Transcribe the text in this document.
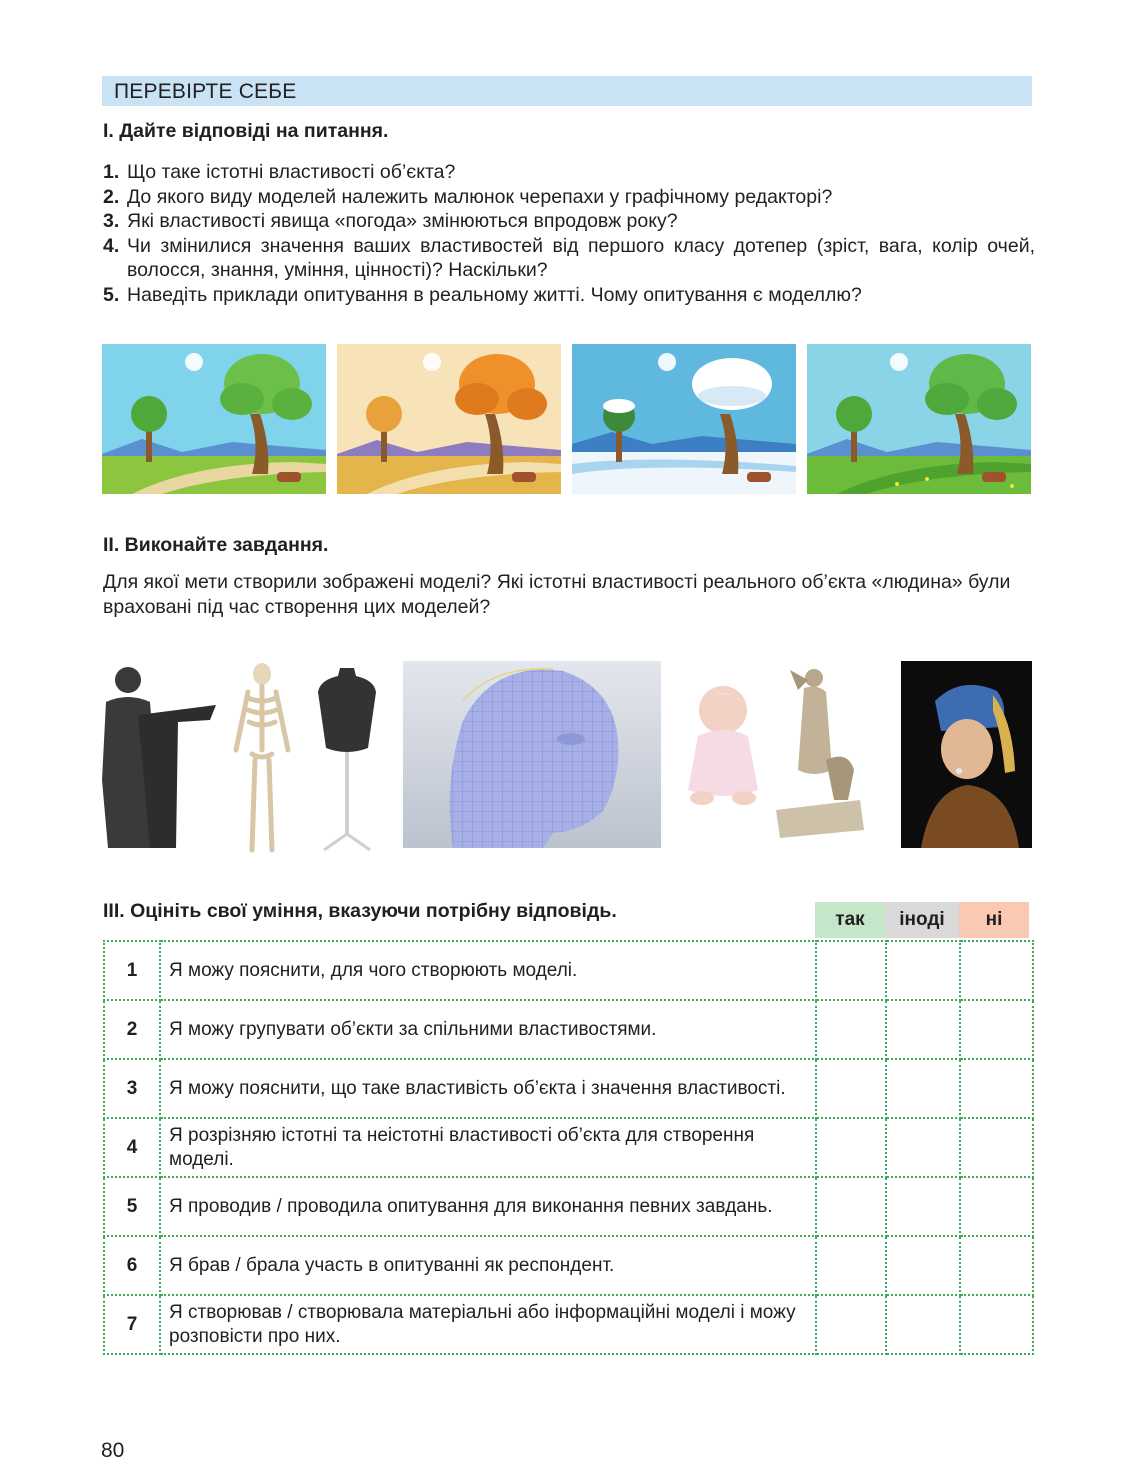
ПЕРЕВІРТЕ СЕБЕ
І. Дайте відповіді на питання.
1. Що таке істотні властивості об’єкта?
2. До якого виду моделей належить малюнок черепахи у графічному редакторі?
3. Які властивості явища «погода» змінюються впродовж року?
4. Чи змінилися значення ваших властивостей від першого класу дотепер (зріст, вага, колір очей, волосся, знання, уміння, цінності)? Наскільки?
5. Наведіть приклади опитування в реальному житті. Чому опитування є моделлю?
ІІ. Виконайте завдання.
Для якої мети створили зображені моделі? Які істотні властивості реального об’єкта «людина» були враховані під час створення цих моделей?
ІІІ. Оцініть свої уміння, вказуючи потрібну відповідь.	так	іноді	ні
1	Я можу пояснити, для чого створюють моделі.			
2	Я можу групувати об’єкти за спільними властивостями.			
3	Я можу пояснити, що таке властивість об’єкта і значення властивості.			
4	Я розрізняю істотні та неістотні властивості об’єкта для створення моделі.			
5	Я проводив / проводила опитування для виконання певних завдань.			
6	Я брав / брала участь в опитуванні як респондент.			
7	Я створював / створювала матеріальні або інформаційні моделі і можу розповісти про них.			
80
